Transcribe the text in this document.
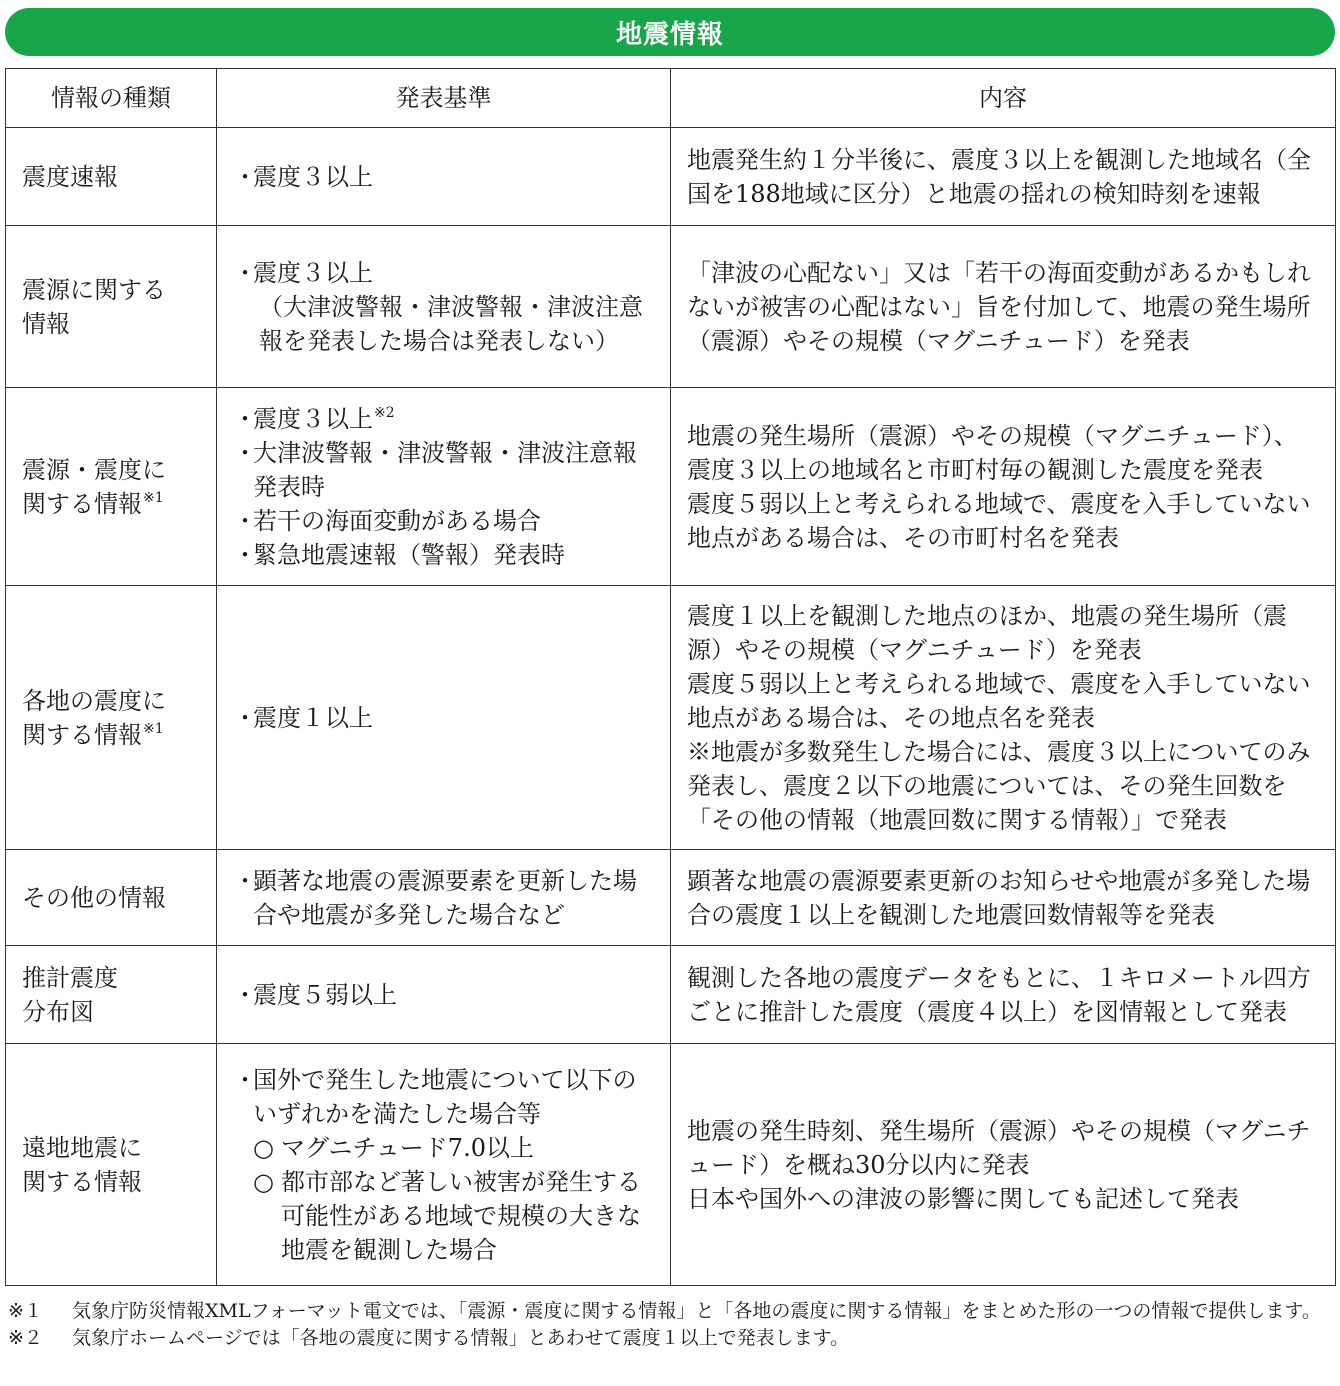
地震情報
情報の種類	発表基準	内容

震度速報	・ 震度３以上	地震発生約１分半後に、震度３以上を観測した地域名（全国を188地域に区分）と地震の揺れの検知時刻を速報

震源に関する
情報	・ 震度３以上
（大津波警報・津波警報・津波注意報を発表した場合は発表しない）	「津波の心配ない」又は「若干の海面変動があるかもしれないが被害の心配はない」旨を付加して、地震の発生場所（震源）やその規模（マグニチュード）を発表

震源・震度に
関する情報$^{※1}$	・ 震度３以上$^{※2}$
・ 大津波警報・津波警報・津波注意報発表時
・ 若干の海面変動がある場合
・ 緊急地震速報（警報）発表時	地震の発生場所（震源）やその規模（マグニチュード）、震度３以上の地域名と市町村毎の観測した震度を発表
震度５弱以上と考えられる地域で、震度を入手していない地点がある場合は、その市町村名を発表

各地の震度に
関する情報$^{※1}$	・ 震度１以上	震度１以上を観測した地点のほか、地震の発生場所（震源）やその規模（マグニチュード）を発表
震度５弱以上と考えられる地域で、震度を入手していない地点がある場合は、その地点名を発表
※地震が多数発生した場合には、震度３以上についてのみ発表し、震度２以下の地震については、その発生回数を「その他の情報（地震回数に関する情報）」で発表

その他の情報	・ 顕著な地震の震源要素を更新した場合や地震が多発した場合など	顕著な地震の震源要素更新のお知らせや地震が多発した場合の震度１以上を観測した地震回数情報等を発表

推計震度
分布図	・ 震度５弱以上	観測した各地の震度データをもとに、１キロメートル四方ごとに推計した震度（震度４以上）を図情報として発表

遠地地震に
関する情報	・ 国外で発生した地震について以下のいずれかを満たした場合等
○ マグニチュード7.0以上
○ 都市部など著しい被害が発生する可能性がある地域で規模の大きな地震を観測した場合	地震の発生時刻、発生場所（震源）やその規模（マグニチュード）を概ね30分以内に発表
日本や国外への津波の影響に関しても記述して発表
※１ 気象庁防災情報XMLフォーマット電文では、「震源・震度に関する情報」と「各地の震度に関する情報」をまとめた形の一つの情報で提供します。
※２ 気象庁ホームページでは「各地の震度に関する情報」とあわせて震度１以上で発表します。
